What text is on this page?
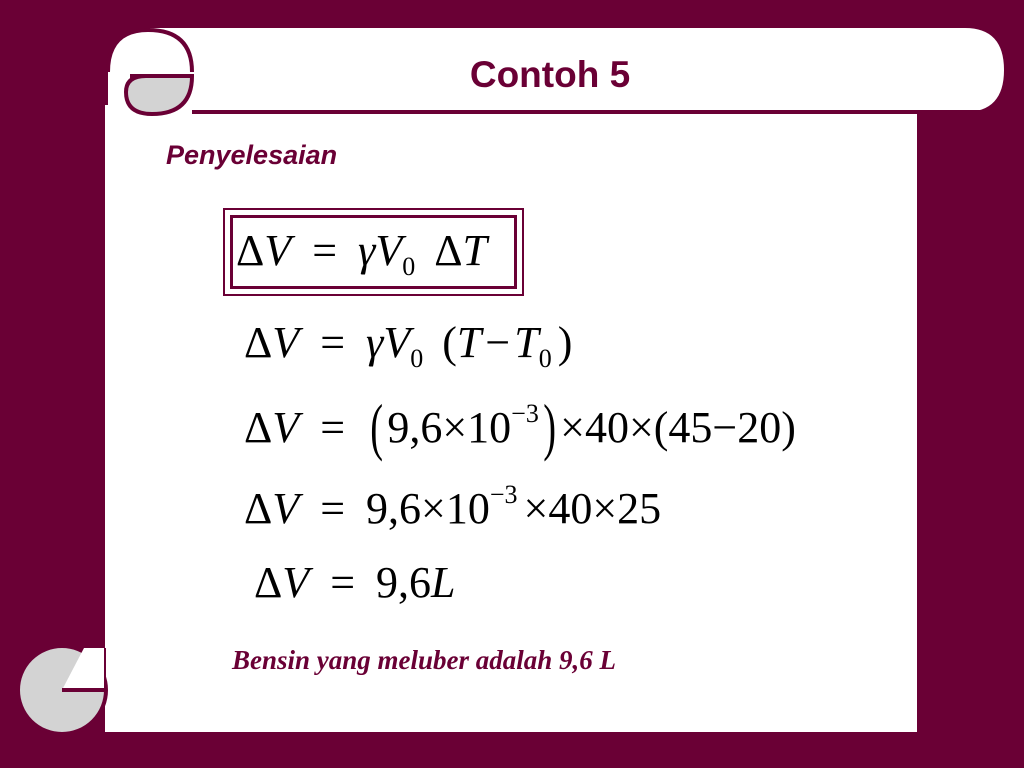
Contoh 5
Penyelesaian
$\Delta V = \gamma V_0$ ΔT
$\Delta V = \gamma V_0$ ($T-T_0$ )
$\Delta V = (9,6\times 10^{-3})\times 40\times(45-20)$
$\Delta V = 9,6\times 10^{-3} \times 40\times 25$
ΔV = 9,6L
Bensin yang meluber adalah 9,6 L
